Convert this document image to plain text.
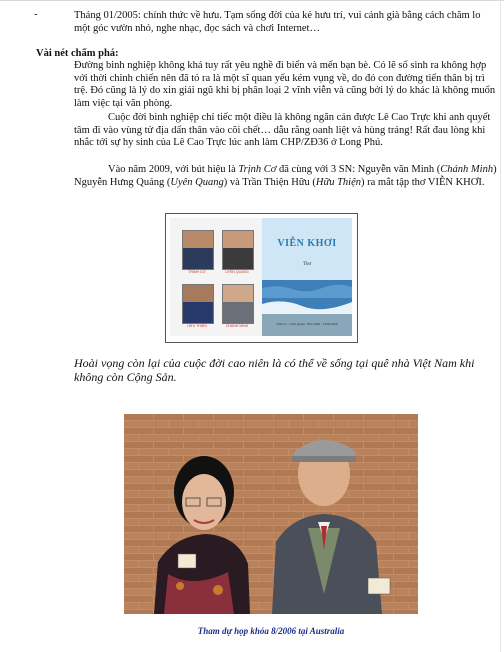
-	Tháng 01/2005: chính thức về hưu. Tạm sống đời của kẻ hưu trí, vui cảnh già bằng cách chăm lo một góc vườn nhỏ, nghe nhạc, đọc sách và chơi Internet…
Vài nét chấm phá:
Đường binh nghiệp không khá tuy rất yêu nghề đi biển và mến bạn bè. Có lẽ số sinh ra không hợp với thời chinh chiến nên đã tỏ ra là một sĩ quan yếu kém vụng về, do đó con đường tiến thân bị trì trệ. Đó cũng là lý do xin giải ngũ khi bị phân loại 2 vĩnh viễn và cũng bởi lý do khác là không muốn làm việc tại văn phòng.
Cuộc đời binh nghiệp chỉ tiếc một điều là không ngăn cản được Lê Cao Trực khi anh quyết tâm đi vào vùng tử địa dấn thân vào cõi chết… dẫu rằng oanh liệt và hùng tráng! Rất đau lòng khi nhắc tới sự hy sinh của Lê Cao Trực lúc anh làm CHP/ZĐ36 ở Long Phú.
Vào năm 2009, với bút hiệu là Trịnh Cơ đã cùng với 3 SN: Nguyễn văn Minh (Chánh Minh) Nguyễn Hưng Quảng (Uyên Quang) và Trần Thiện Hữu (Hữu Thiện) ra mắt tập thơ VIỄN KHƠI.
TRỊNH CƠ	UYÊN QUANG
HỮU THIỆN	CHÁNH MINH
VIỄN KHƠI
Thơ
Trịnh Cơ · Uyên Quang · Hữu Thiện · Chánh Minh
Hoài vọng còn lại của cuộc đời cao niên là có thể về sống tại quê nhà Việt Nam khi không còn Cộng Sản.
Tham dự họp khóa 8/2006 tại Australia
